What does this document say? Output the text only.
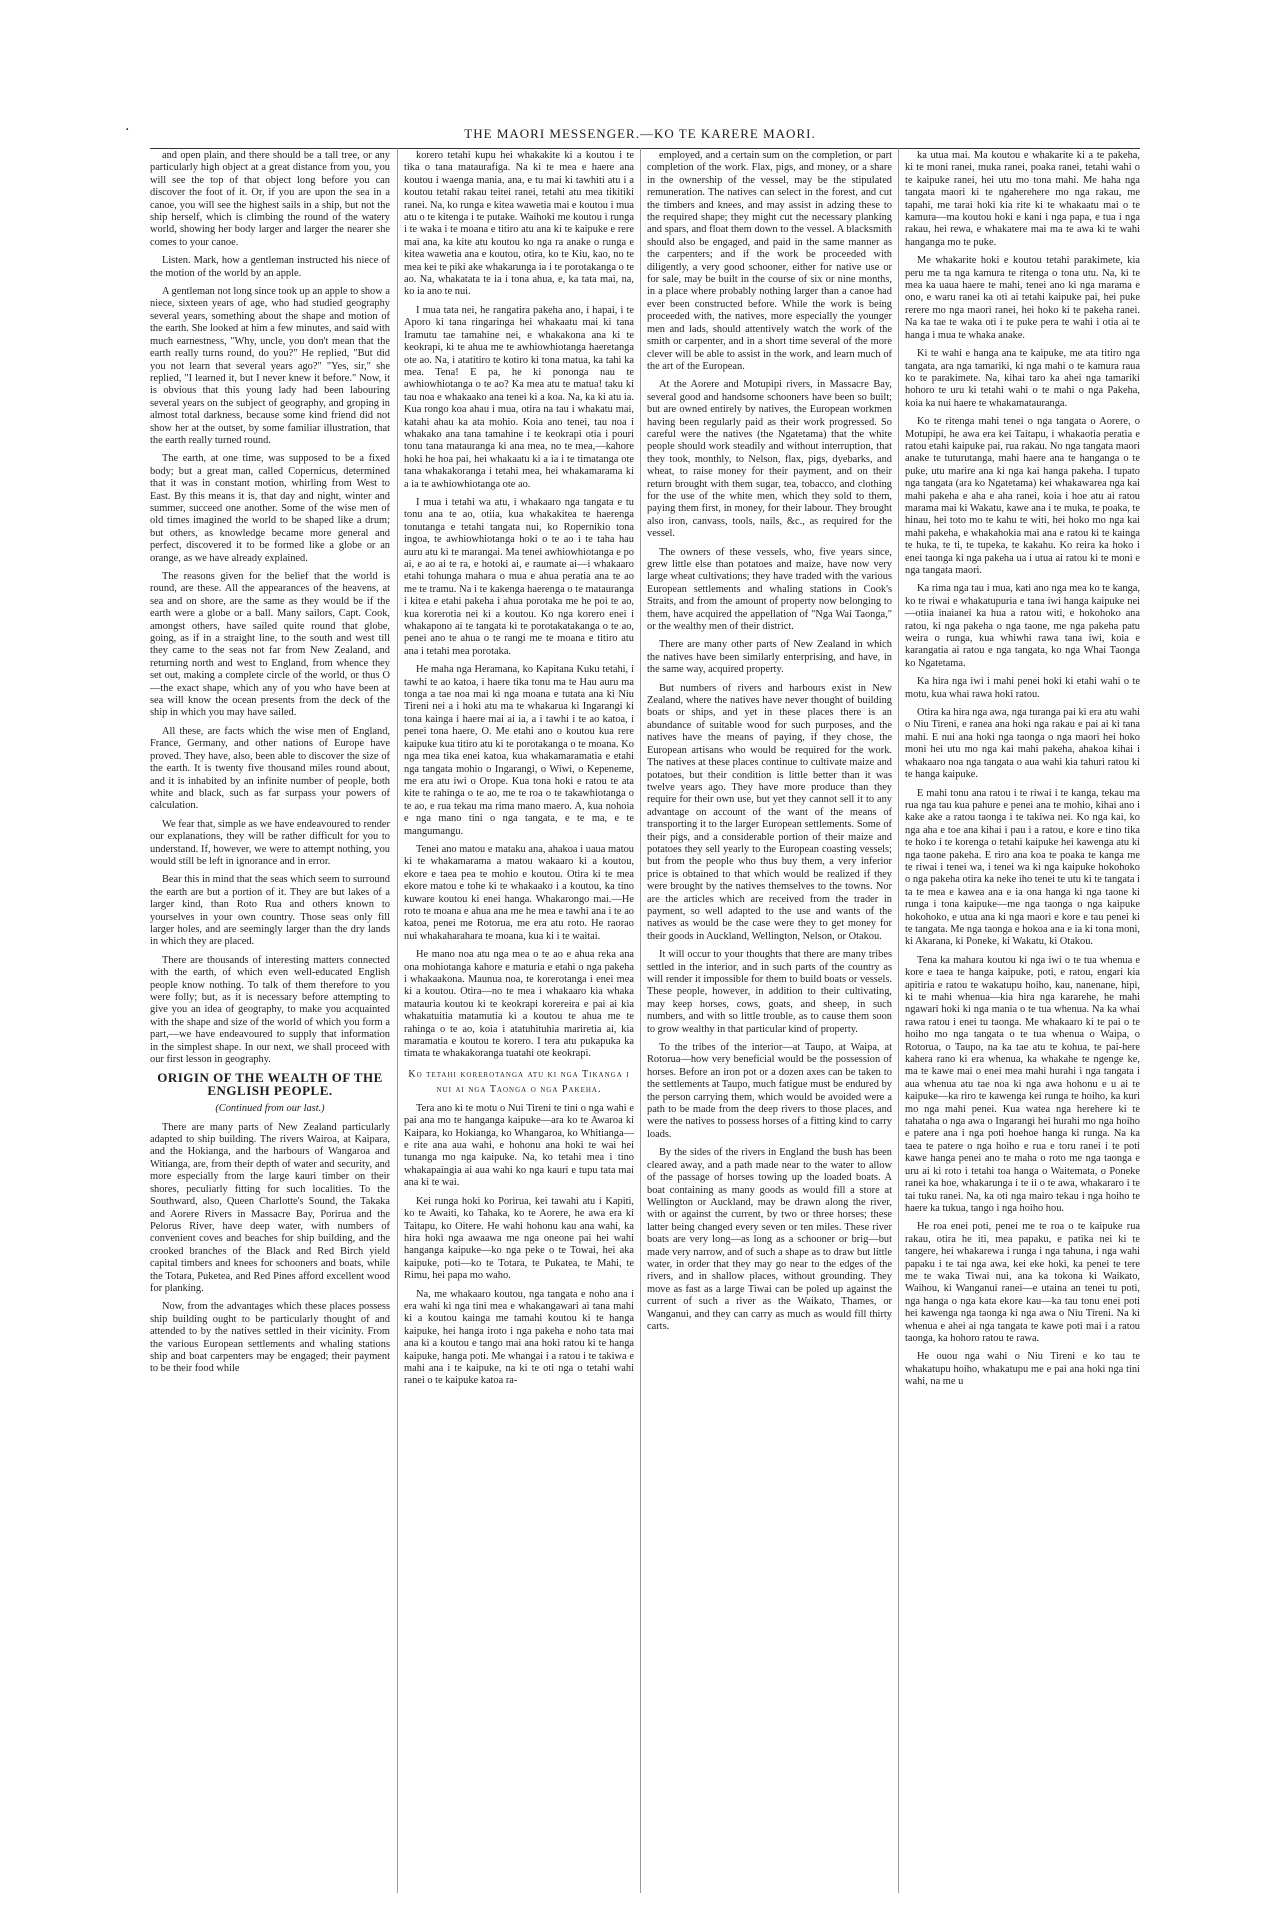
.	THE MAORI MESSENGER.—KO TE KARERE MAORI.

and open plain, and there should be a tall tree, or any particularly high object at a great distance from you, you will see the top of that object long before you can discover the foot of it. Or, if you are upon the sea in a canoe, you will see the highest sails in a ship, but not the ship herself, which is climbing the round of the watery world, showing her body larger and larger the nearer she comes to your canoe.

Listen. Mark, how a gentleman instructed his niece of the motion of the world by an apple.

A gentleman not long since took up an apple to show a niece, sixteen years of age, who had studied geography several years, something about the shape and motion of the earth. She looked at him a few minutes, and said with much earnestness, "Why, uncle, you don't mean that the earth really turns round, do you?" He replied, "But did you not learn that several years ago?" "Yes, sir," she replied, "I learned it, but I never knew it before." Now, it is obvious that this young lady had been labouring several years on the subject of geography, and groping in almost total darkness, because some kind friend did not show her at the outset, by some familiar illustration, that the earth really turned round.

The earth, at one time, was supposed to be a fixed body; but a great man, called Copernicus, determined that it was in constant motion, whirling from West to East. By this means it is, that day and night, winter and summer, succeed one another. Some of the wise men of old times imagined the world to be shaped like a drum; but others, as knowledge became more general and perfect, discovered it to be formed like a globe or an orange, as we have already explained.

The reasons given for the belief that the world is round, are these. All the appearances of the heavens, at sea and on shore, are the same as they would be if the earth were a globe or a ball. Many sailors, Capt. Cook, amongst others, have sailed quite round that globe, going, as if in a straight line, to the south and west till they came to the seas not far from New Zealand, and returning north and west to England, from whence they set out, making a complete circle of the world, or thus O—the exact shape, which any of you who have been at sea will know the ocean presents from the deck of the ship in which you may have sailed.

All these, are facts which the wise men of England, France, Germany, and other nations of Europe have proved. They have, also, been able to discover the size of the earth. It is twenty five thousand miles round about, and it is inhabited by an infinite number of people, both white and black, such as far surpass your powers of calculation.

We fear that, simple as we have endeavoured to render our explanations, they will be rather difficult for you to understand. If, however, we were to attempt nothing, you would still be left in ignorance and in error.

Bear this in mind that the seas which seem to surround the earth are but a portion of it. They are but lakes of a larger kind, than Roto Rua and others known to yourselves in your own country. Those seas only fill larger holes, and are seemingly larger than the dry lands in which they are placed.

There are thousands of interesting matters connected with the earth, of which even well-educated English people know nothing. To talk of them therefore to you were folly; but, as it is necessary before attempting to give you an idea of geography, to make you acquainted with the shape and size of the world of which you form a part,—we have endeavoured to supply that information in the simplest shape. In our next, we shall proceed with our first lesson in geography.

ORIGIN OF THE WEALTH OF THE ENGLISH PEOPLE.

(Continued from our last.)

There are many parts of New Zealand particularly adapted to ship building. The rivers Wairoa, at Kaipara, and the Hokianga, and the harbours of Wangaroa and Witianga, are, from their depth of water and security, and more especially from the large kauri timber on their shores, peculiarly fitting for such localities. To the Southward, also, Queen Charlotte's Sound, the Takaka and Aorere Rivers in Massacre Bay, Porirua and the Pelorus River, have deep water, with numbers of convenient coves and beaches for ship building, and the crooked branches of the Black and Red Birch yield capital timbers and knees for schooners and boats, while the Totara, Puketea, and Red Pines afford excellent wood for planking.

Now, from the advantages which these places possess ship building ought to be particularly thought of and attended to by the natives settled in their vicinity. From the various European settlements and whaling stations ship and boat carpenters may be engaged; their payment to be their food while

korero tetahi kupu hei whakakite ki a koutou i te tika o tana mataurafiga. Na ki te mea e haere ana koutou i waenga mania, ana, e tu mai ki tawhiti atu i a koutou tetahi rakau teitei ranei, tetahi atu mea tikitiki ranei. Na, ko runga e kitea wawetia mai e koutou i mua atu o te kitenga i te putake. Waihoki me koutou i runga i te waka i te moana e titiro atu ana ki te kaipuke e rere mai ana, ka kite atu koutou ko nga ra anake o runga e kitea wawetia ana e koutou, otira, ko te Kiu, kao, no te mea kei te piki ake whakarunga ia i te porotakanga o te ao. Na, whakatata te ia i tona ahua, e, ka tata mai, na, ko ia ano te nui.

I mua tata nei, he rangatira pakeha ano, i hapai, i te Aporo ki tana ringaringa hei whakaatu mai ki tana Iramutu tae tamahine nei, e whakakona ana ki te keokrapi, ki te ahua me te awhiowhiotanga haeretanga ote ao. Na, i atatitiro te kotiro ki tona matua, ka tahi ka mea. Tena! E pa, he ki pononga nau te awhiowhiotanga o te ao? Ka mea atu te matua! taku ki tau noa e whakaako ana tenei ki a koa. Na, ka ki atu ia. Kua rongo koa ahau i mua, otira na tau i whakatu mai, katahi ahau ka ata mohio. Koia ano tenei, tau noa i whakako ana tana tamahine i te keokrapi otia i pouri tonu tana matauranga ki ana mea, no te mea,—kahore hoki he hoa pai, hei whakaatu ki a ia i te timatanga ote tana whakakoranga i tetahi mea, hei whakamarama ki a ia te awhiowhiotanga ote ao.

I mua i tetahi wa atu, i whakaaro nga tangata e tu tonu ana te ao, otiia, kua whakakitea te haerenga tonutanga e tetahi tangata nui, ko Ropernikio tona ingoa, te awhiowhiotanga hoki o te ao i te taha hau auru atu ki te marangai. Ma tenei awhiowhiotanga e po ai, e ao ai te ra, e hotoki ai, e raumate ai—i whakaaro etahi tohunga mahara o mua e ahua peratia ana te ao me te tramu. Na i te kakenga haerenga o te matauranga i kitea e etahi pakeha i ahua porotaka me he poi te ao, kua korerotia nei ki a koutou. Ko nga korero enei i whakapono ai te tangata ki te porotakatakanga o te ao, penei ano te ahua o te rangi me te moana e titiro atu ana i tetahi mea porotaka.

He maha nga Heramana, ko Kapitana Kuku tetahi, i tawhi te ao katoa, i haere tika tonu ma te Hau auru ma tonga a tae noa mai ki nga moana e tutata ana ki Niu Tireni nei a i hoki atu ma te whakarua ki Ingarangi ki tona kainga i haere mai ai ia, a i tawhi i te ao katoa, i penei tona haere, O. Me etahi ano o koutou kua rere kaipuke kua titiro atu ki te porotakanga o te moana. Ko nga mea tika enei katoa, kua whakamaramatia e etahi nga tangata mohio o Ingarangi, o Wiwi, o Kepeneme, me era atu iwi o Orope. Kua tona hoki e ratou te ata kite te rahinga o te ao, me te roa o te takawhiotanga o te ao, e rua tekau ma rima mano maero. A, kua nohoia e nga mano tini o nga tangata, e te ma, e te mangumangu.

Tenei ano matou e mataku ana, ahakoa i uaua matou ki te whakamarama a matou wakaaro ki a koutou, ekore e taea pea te mohio e koutou. Otira ki te mea ekore matou e tohe ki te whakaako i a koutou, ka tino kuware koutou ki enei hanga. Whakarongo mai.—He roto te moana e ahua ana me he mea e tawhi ana i te ao katoa, penei me Rotorua, me era atu roto. He raorao nui whakaharahara te moana, kua ki i te waitai.

He mano noa atu nga mea o te ao e ahua reka ana ona mohiotanga kahore e maturia e etahi o nga pakeha i whakaakona. Maunua noa, te korerotanga i enei mea ki a koutou. Otira—no te mea i whakaaro kia whaka matauria koutou ki te keokrapi korereira e pai ai kia whakatuitia matamutia ki a koutou te ahua me te rahinga o te ao, koia i atatuhituhia mariretia ai, kia maramatia e koutou te korero. I tera atu pukapuka ka timata te whakakoranga tuatahi ote keokrapi.

Ko tetahi korerotanga atu ki nga Tikanga i nui ai nga Taonga o nga Pakeha.

Tera ano ki te motu o Nui Tireni te tini o nga wahi e pai ana mo te hanganga kaipuke—ara ko te Awaroa ki Kaipara, ko Hokianga, ko Whangaroa, ko Whitianga—e rite ana aua wahi, e hohonu ana hoki te wai hei tunanga mo nga kaipuke. Na, ko tetahi mea i tino whakapaingia ai aua wahi ko nga kauri e tupu tata mai ana ki te wai.

Kei runga hoki ko Porirua, kei tawahi atu i Kapiti, ko te Awaiti, ko Tahaka, ko te Aorere, he awa era ki Taitapu, ko Oitere. He wahi hohonu kau ana wahi, ka hira hoki nga awaawa me nga oneone pai hei wahi hanganga kaipuke—ko nga peke o te Towai, hei aka kaipuke, poti—ko te Totara, te Pukatea, te Mahi, te Rimu, hei papa mo waho.

Na, me whakaaro koutou, nga tangata e noho ana i era wahi ki nga tini mea e whakangawari ai tana mahi ki a koutou kainga me tamahi koutou ki te hanga kaipuke, hei hanga iroto i nga pakeha e noho tata mai ana ki a koutou e tango mai ana hoki ratou ki te hanga kaipuke, hanga poti. Me whangai i a ratou i te takiwa e mahi ana i te kaipuke, na ki te oti nga o tetahi wahi ranei o te kaipuke katoa ra-

employed, and a certain sum on the completion, or part completion of the work. Flax, pigs, and money, or a share in the ownership of the vessel, may be the stipulated remuneration. The natives can select in the forest, and cut the timbers and knees, and may assist in adzing these to the required shape; they might cut the necessary planking and spars, and float them down to the vessel. A blacksmith should also be engaged, and paid in the same manner as the carpenters; and if the work be proceeded with diligently, a very good schooner, either for native use or for sale, may be built in the course of six or nine months, in a place where probably nothing larger than a canoe had ever been constructed before. While the work is being proceeded with, the natives, more especially the younger men and lads, should attentively watch the work of the smith or carpenter, and in a short time several of the more clever will be able to assist in the work, and learn much of the art of the European.

At the Aorere and Motupipi rivers, in Massacre Bay, several good and handsome schooners have been so built; but are owned entirely by natives, the European workmen having been regularly paid as their work progressed. So careful were the natives (the Ngatetama) that the white people should work steadily and without interruption, that they took, monthly, to Nelson, flax, pigs, dyebarks, and wheat, to raise money for their payment, and on their return brought with them sugar, tea, tobacco, and clothing for the use of the white men, which they sold to them, paying them first, in money, for their labour. They brought also iron, canvass, tools, nails, &c., as required for the vessel.

The owners of these vessels, who, five years since, grew little else than potatoes and maize, have now very large wheat cultivations; they have traded with the various European settlements and whaling stations in Cook's Straits, and from the amount of property now belonging to them, have acquired the appellation of "Nga Wai Taonga," or the wealthy men of their district.

There are many other parts of New Zealand in which the natives have been similarly enterprising, and have, in the same way, acquired property.

But numbers of rivers and harbours exist in New Zealand, where the natives have never thought of building boats or ships, and yet in these places there is an abundance of suitable wood for such purposes, and the natives have the means of paying, if they chose, the European artisans who would be required for the work. The natives at these places continue to cultivate maize and potatoes, but their condition is little better than it was twelve years ago. They have more produce than they require for their own use, but yet they cannot sell it to any advantage on account of the want of the means of transporting it to the larger European settlements. Some of their pigs, and a considerable portion of their maize and potatoes they sell yearly to the European coasting vessels; but from the people who thus buy them, a very inferior price is obtained to that which would be realized if they were brought by the natives themselves to the towns. Nor are the articles which are received from the trader in payment, so well adapted to the use and wants of the natives as would be the case were they to get money for their goods in Auckland, Wellington, Nelson, or Otakou.

It will occur to your thoughts that there are many tribes settled in the interior, and in such parts of the country as will render it impossible for them to build boats or vessels. These people, however, in addition to their cultivating, may keep horses, cows, goats, and sheep, in such numbers, and with so little trouble, as to cause them soon to grow wealthy in that particular kind of property.

To the tribes of the interior—at Taupo, at Waipa, at Rotorua—how very beneficial would be the possession of horses. Before an iron pot or a dozen axes can be taken to the settlements at Taupo, much fatigue must be endured by the person carrying them, which would be avoided were a path to be made from the deep rivers to those places, and were the natives to possess horses of a fitting kind to carry loads.

By the sides of the rivers in England the bush has been cleared away, and a path made near to the water to allow of the passage of horses towing up the loaded boats. A boat containing as many goods as would fill a store at Wellington or Auckland, may be drawn along the river, with or against the current, by two or three horses; these latter being changed every seven or ten miles. These river boats are very long—as long as a schooner or brig—but made very narrow, and of such a shape as to draw but little water, in order that they may go near to the edges of the rivers, and in shallow places, without grounding. They move as fast as a large Tiwai can be poled up against the current of such a river as the Waikato, Thames, or Wanganui, and they can carry as much as would fill thirty carts.

ka utua mai. Ma koutou e whakarite ki a te pakeha, ki te moni ranei, muka ranei, poaka ranei, tetahi wahi o te kaipuke ranei, hei utu mo tona mahi. Me haha nga tangata maori ki te ngaherehere mo nga rakau, me tapahi, me tarai hoki kia rite ki te whakaatu mai o te kamura—ma koutou hoki e kani i nga papa, e tua i nga rakau, hei rewa, e whakatere mai ma te awa ki te wahi hanganga mo te puke.

Me whakarite hoki e koutou tetahi parakimete, kia peru me ta nga kamura te ritenga o tona utu. Na, ki te mea ka uaua haere te mahi, tenei ano ki nga marama e ono, e waru ranei ka oti ai tetahi kaipuke pai, hei puke rerere mo nga maori ranei, hei hoko ki te pakeha ranei. Na ka tae te waka oti i te puke pera te wahi i otia ai te hanga i mua te whaka anake.

Ki te wahi e hanga ana te kaipuke, me ata titiro nga tangata, ara nga tamariki, ki nga mahi o te kamura raua ko te parakimete. Na, kihai taro ka ahei nga tamariki hohoro te uru ki tetahi wahi o te mahi o nga Pakeha, koia ka nui haere te whakamatauranga.

Ko te ritenga mahi tenei o nga tangata o Aorere, o Motupipi, he awa era kei Taitapu, i whakaotia peratia e ratou etahi kaipuke pai, rua rakau. No nga tangata maori anake te tuturutanga, mahi haere ana te hanganga o te puke, utu marire ana ki nga kai hanga pakeha. I tupato nga tangata (ara ko Ngatetama) kei whakawarea nga kai mahi pakeha e aha e aha ranei, koia i hoe atu ai ratou marama mai ki Wakatu, kawe ana i te muka, te poaka, te hinau, hei toto mo te kahu te witi, hei hoko mo nga kai mahi pakeha, e whakahokia mai ana e ratou ki te kainga te huka, te ti, te tupeka, te kakahu. Ko reira ka hoko i enei taonga ki nga pakeha ua i utua ai ratou ki te moni e nga tangata maori.

Ka rima nga tau i mua, kati ano nga mea ko te kanga, ko te riwai e whakatupuria e tana iwi hanga kaipuke nei—otiia inaianei ka hua a ratou witi, e hokohoko ana ratou, ki nga pakeha o nga taone, me nga pakeha patu weira o runga, kua whiwhi rawa tana iwi, koia e karangatia ai ratou e nga tangata, ko nga Whai Taonga ko Ngatetama.

Ka hira nga iwi i mahi penei hoki ki etahi wahi o te motu, kua whai rawa hoki ratou.

Otira ka hira nga awa, nga turanga pai ki era atu wahi o Niu Tireni, e ranea ana hoki nga rakau e pai ai ki tana mahi. E nui ana hoki nga taonga o nga maori hei hoko moni hei utu mo nga kai mahi pakeha, ahakoa kihai i whakaaro noa nga tangata o aua wahi kia tahuri ratou ki te hanga kaipuke.

E mahi tonu ana ratou i te riwai i te kanga, tekau ma rua nga tau kua pahure e penei ana te mohio, kihai ano i kake ake a ratou taonga i te takiwa nei. Ko nga kai, ko nga aha e toe ana kihai i pau i a ratou, e kore e tino tika te hoko i te korenga o tetahi kaipuke hei kawenga atu ki nga taone pakeha. E riro ana koa te poaka te kanga me te riwai i tenei wa, i tenei wa ki nga kaipuke hokohoko o nga pakeha otira ka neke iho tenei te utu ki te tangata i ta te mea e kawea ana e ia ona hanga ki nga taone ki runga i tona kaipuke—me nga taonga o nga kaipuke hokohoko, e utua ana ki nga maori e kore e tau penei ki te tangata. Me nga taonga e hokoa ana e ia ki tona moni, ki Akarana, ki Poneke, ki Wakatu, ki Otakou.

Tena ka mahara koutou ki nga iwi o te tua whenua e kore e taea te hanga kaipuke, poti, e ratou, engari kia apitiria e ratou te wakatupu hoiho, kau, nanenane, hipi, ki te mahi whenua—kia hira nga kararehe, he mahi ngawari hoki ki nga mania o te tua whenua. Na ka whai rawa ratou i enei tu taonga. Me whakaaro ki te pai o te hoiho mo nga tangata o te tua whenua o Waipa, o Rotorua, o Taupo, na ka tae atu te kohua, te pai-here kahera rano ki era whenua, ka whakahe te ngenge ke, ma te kawe mai o enei mea mahi hurahi i nga tangata i aua whenua atu tae noa ki nga awa hohonu e u ai te kaipuke—ka riro te kawenga kei runga te hoiho, ka kuri mo nga mahi penei. Kua watea nga herehere ki te tahataha o nga awa o Ingarangi hei hurahi mo nga hoiho e patere ana i nga poti hoehoe hanga ki runga. Na ka taea te patere o nga hoiho e rua e toru ranei i te poti kawe hanga penei ano te maha o roto me nga taonga e uru ai ki roto i tetahi toa hanga o Waitemata, o Poneke ranei ka hoe, whakarunga i te ii o te awa, whakararo i te tai tuku ranei. Na, ka oti nga mairo tekau i nga hoiho te haere ka tukua, tango i nga hoiho hou.

He roa enei poti, penei me te roa o te kaipuke rua rakau, otira he iti, mea papaku, e patika nei ki te tangere, hei whakarewa i runga i nga tahuna, i nga wahi papaku i te tai nga awa, kei eke hoki, ka penei te tere me te waka Tiwai nui, ana ka tokona ki Waikato, Waihou, ki Wanganui ranei—e utaina an tenei tu poti, nga hanga o nga kata ekore kau—ka tau tonu enei poti hei kawenga nga taonga ki nga awa o Niu Tireni. Na ki whenua e ahei ai nga tangata te kawe poti mai i a ratou taonga, ka hohoro ratou te rawa.

He ouou nga wahi o Niu Tireni e ko tau te whakatupu hoiho, whakatupu me e pai ana hoki nga tini wahi, na me u
